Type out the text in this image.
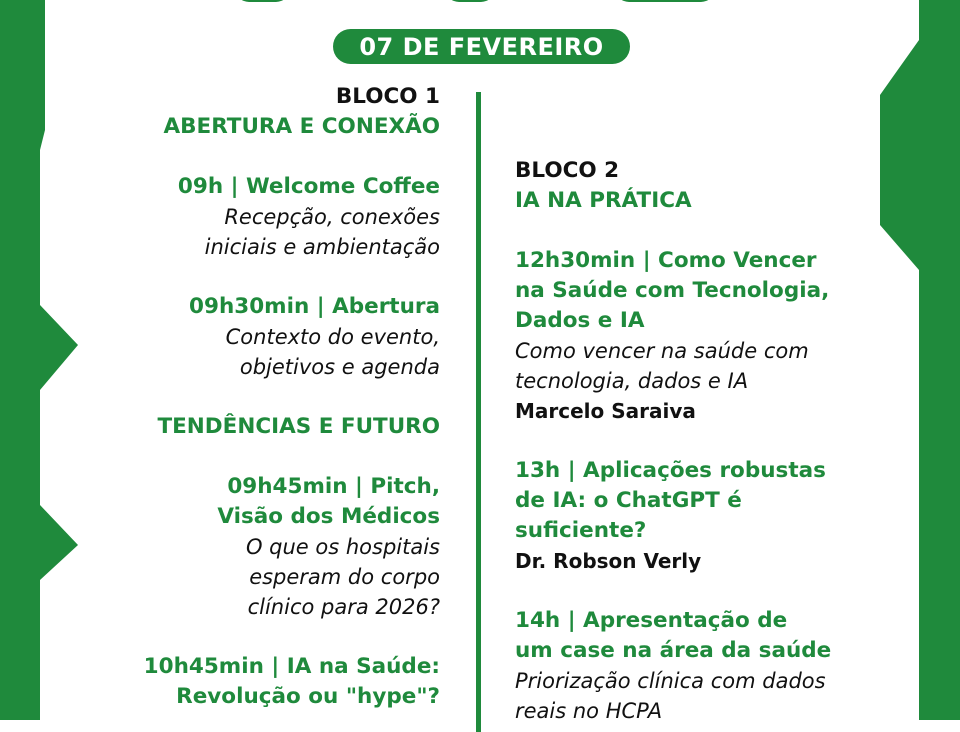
07 DE FEVEREIRO
BLOCO 1
ABERTURA E CONEXÃO
09h | Welcome Coffee
Recepção, conexões
iniciais e ambientação
09h30min | Abertura
Contexto do evento,
objetivos e agenda
TENDÊNCIAS E FUTURO
09h45min | Pitch,
Visão dos Médicos
O que os hospitais
esperam do corpo
clínico para 2026?
10h45min | IA na Saúde:
Revolução ou "hype"?
BLOCO 2
IA NA PRÁTICA
12h30min | Como Vencer
na Saúde com Tecnologia,
Dados e IA
Como vencer na saúde com
tecnologia, dados e IA
Marcelo Saraiva
13h | Aplicações robustas
de IA: o ChatGPT é
suficiente?
Dr. Robson Verly
14h | Apresentação de
um case na área da saúde
Priorização clínica com dados
reais no HCPA
